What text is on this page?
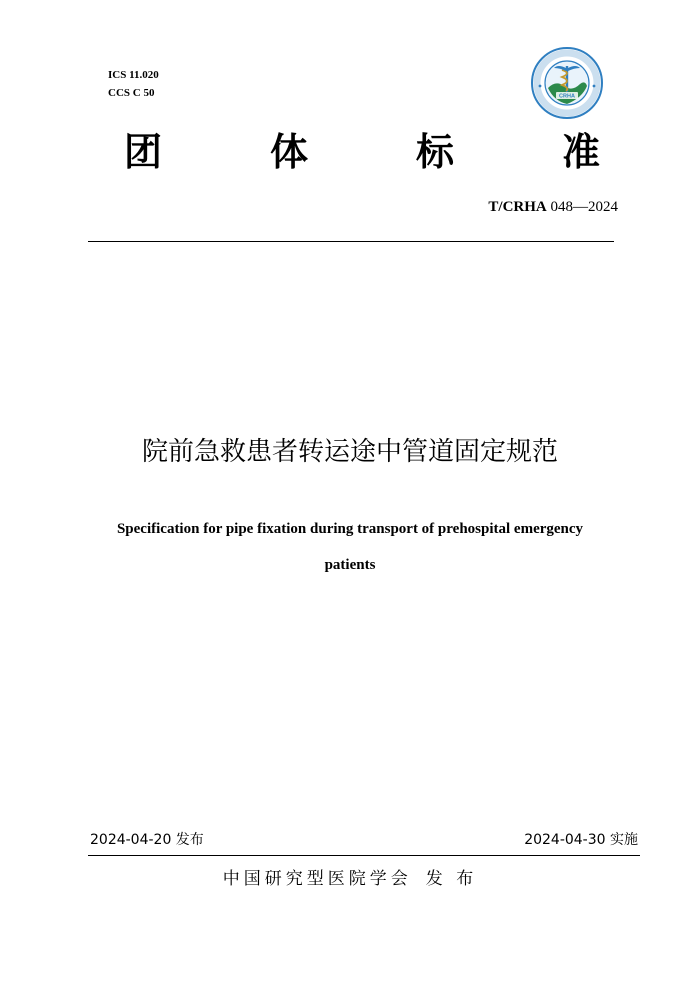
ICS 11.020
CCS C 50	CRHA
团	体	标	准
T/CRHA 048—2024
院前急救患者转运途中管道固定规范
Specification for pipe fixation during transport of prehospital emergency
patients
2024-04-20 发布	2024-04-30 实施
中国研究型医院学会 发 布
